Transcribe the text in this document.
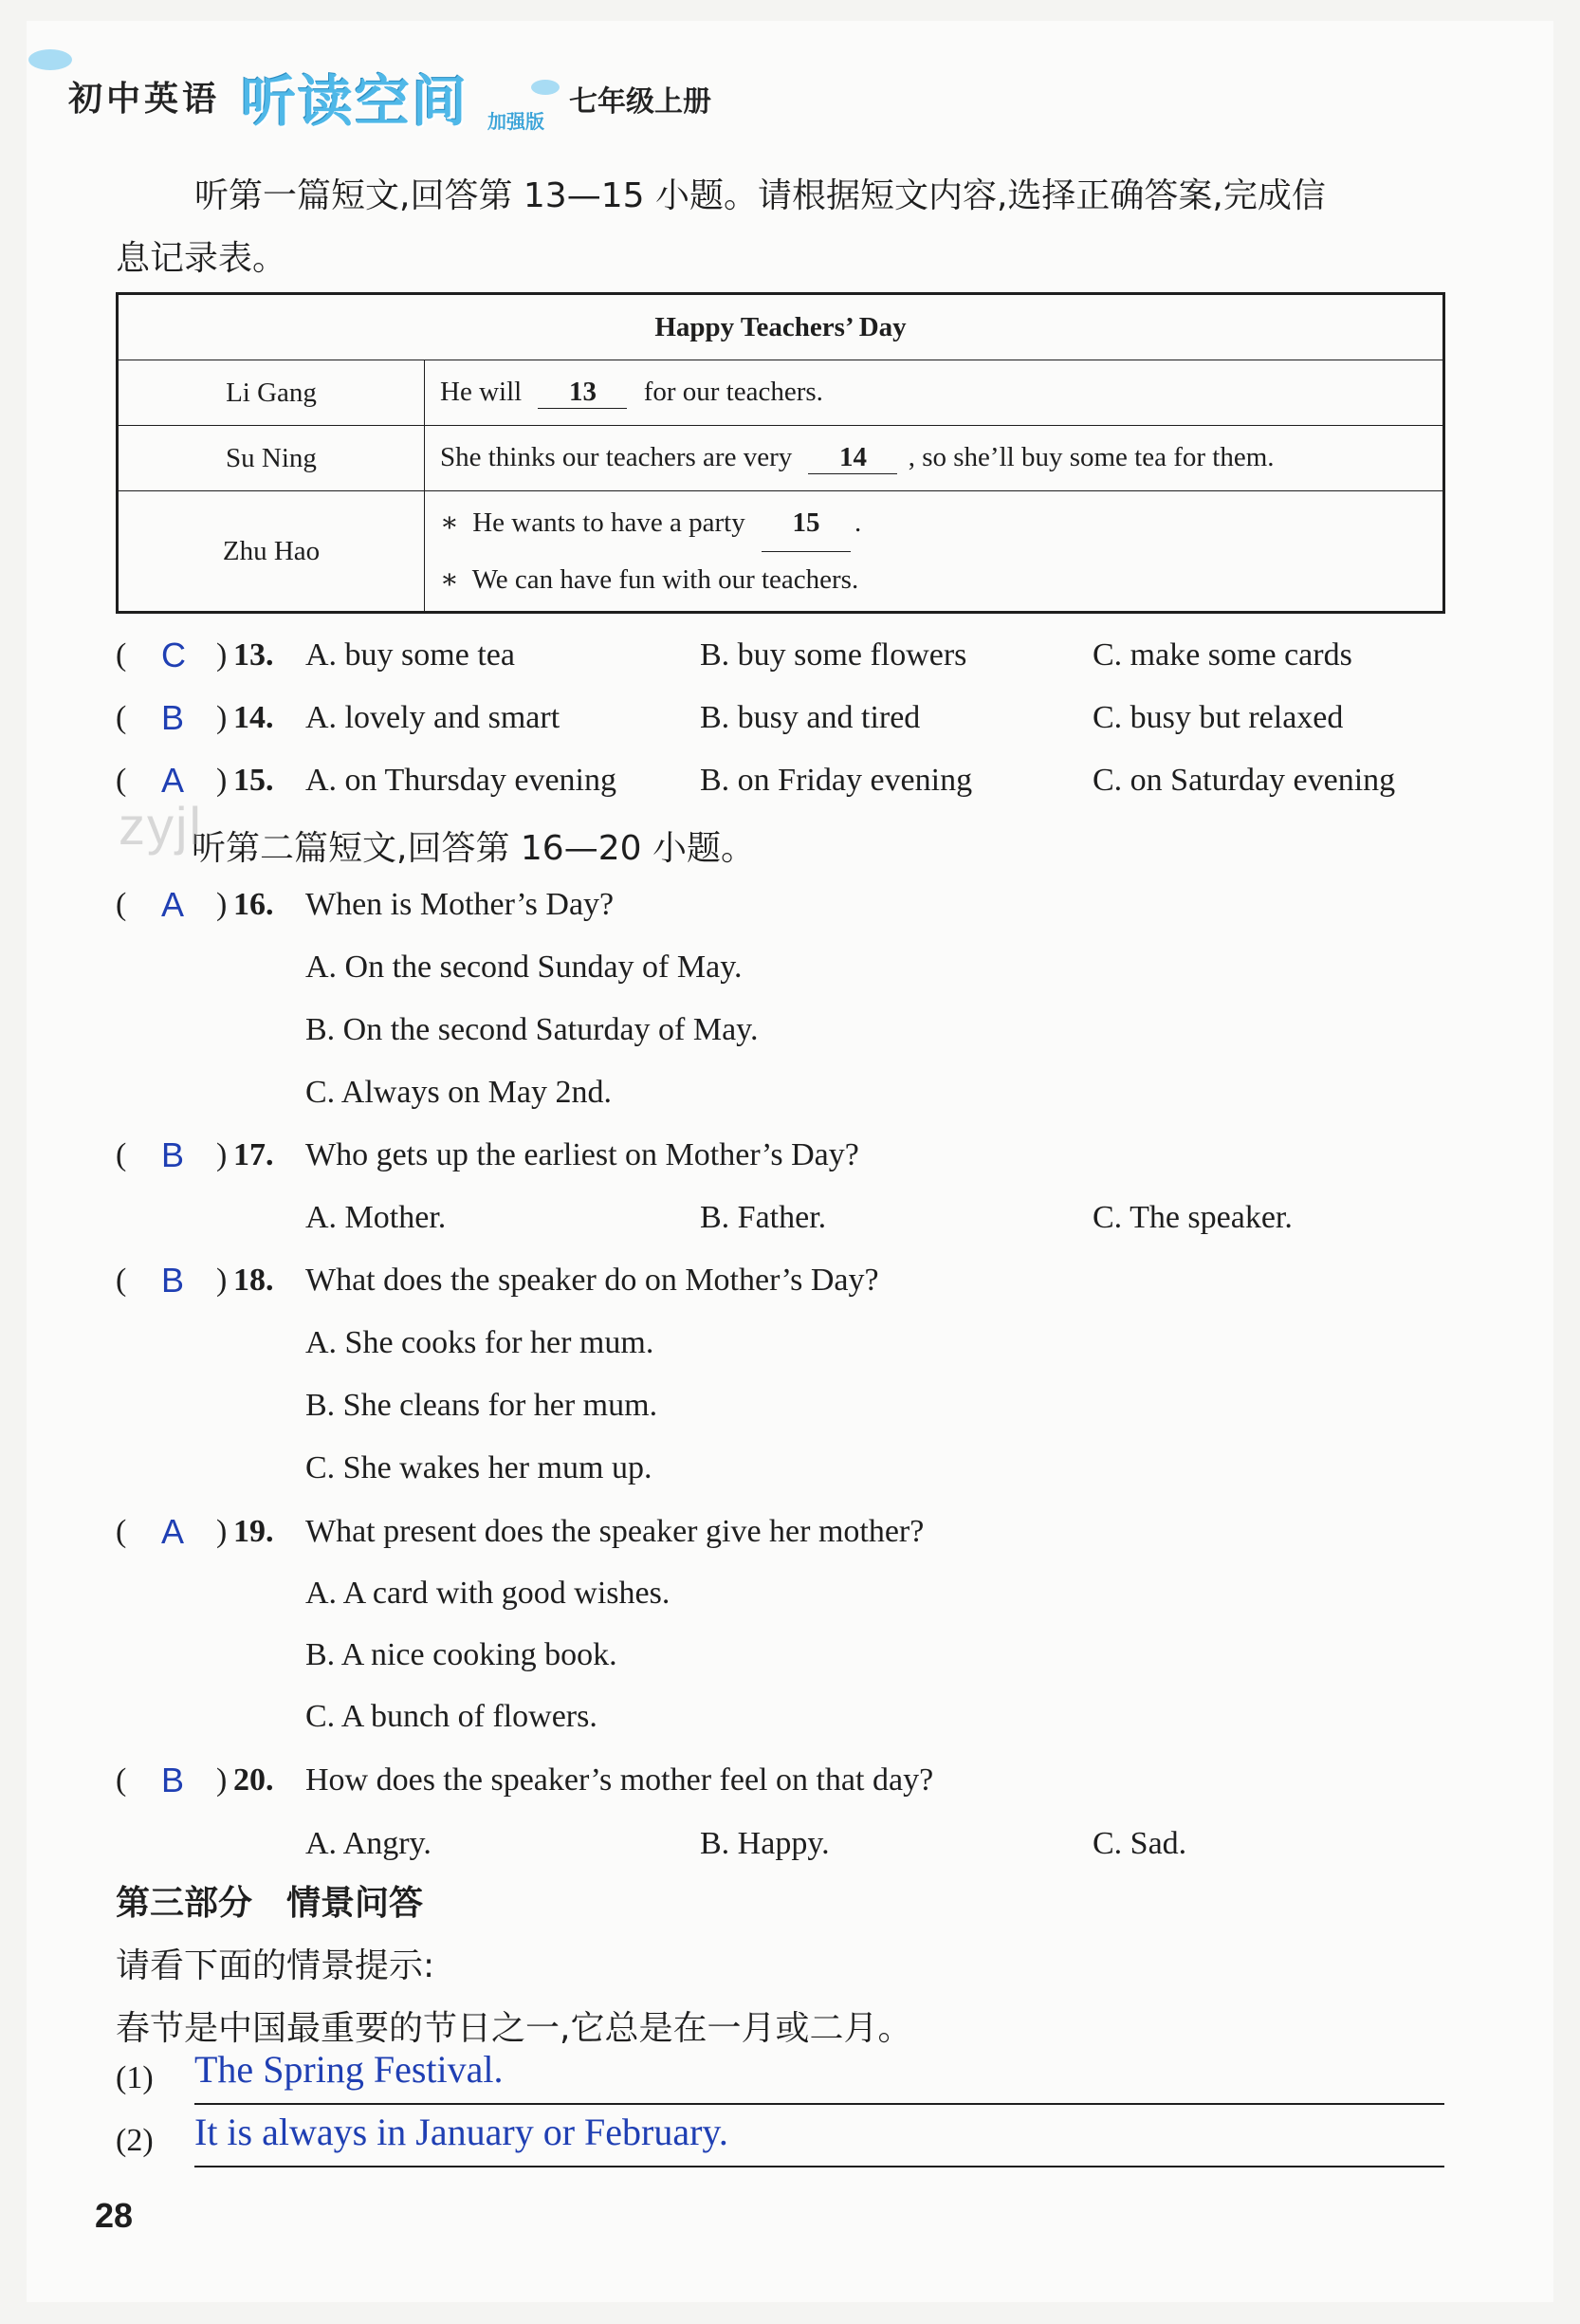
初中英语 听读空间 加强版
七年级上册
听第一篇短文,回答第 13—15 小题。请根据短文内容,选择正确答案,完成信
息记录表。
Happy Teachers’ Day	
Li Gang	He will 13 for our teachers.
Su Ning	She thinks our teachers are very 14 , so she’ll buy some tea for them.
Zhu Hao	∗ He wants to have a party 15 .
∗ We can have fun with our teachers.
( C ) 13. A. buy some tea	B. buy some flowers	C. make some cards
( B ) 14. A. lovely and smart	B. busy and tired	C. busy but relaxed
( A ) 15. A. on Thursday evening	B. on Friday evening	C. on Saturday evening
听第二篇短文,回答第 16—20 小题。
zyjl
( A ) 16. When is Mother’s Day?
A. On the second Sunday of May.
B. On the second Saturday of May.
C. Always on May 2nd.
( B ) 17. Who gets up the earliest on Mother’s Day?
A. Mother.	B. Father.	C. The speaker.
( B ) 18. What does the speaker do on Mother’s Day?
A. She cooks for her mum.
B. She cleans for her mum.
C. She wakes her mum up.
( A ) 19. What present does the speaker give her mother?
A. A card with good wishes.
B. A nice cooking book.
C. A bunch of flowers.
( B ) 20. How does the speaker’s mother feel on that day?
A. Angry.	B. Happy.	C. Sad.
第三部分　情景问答
请看下面的情景提示:
春节是中国最重要的节日之一,它总是在一月或二月。
(1) The Spring Festival.
(2) It is always in January or February.
28
